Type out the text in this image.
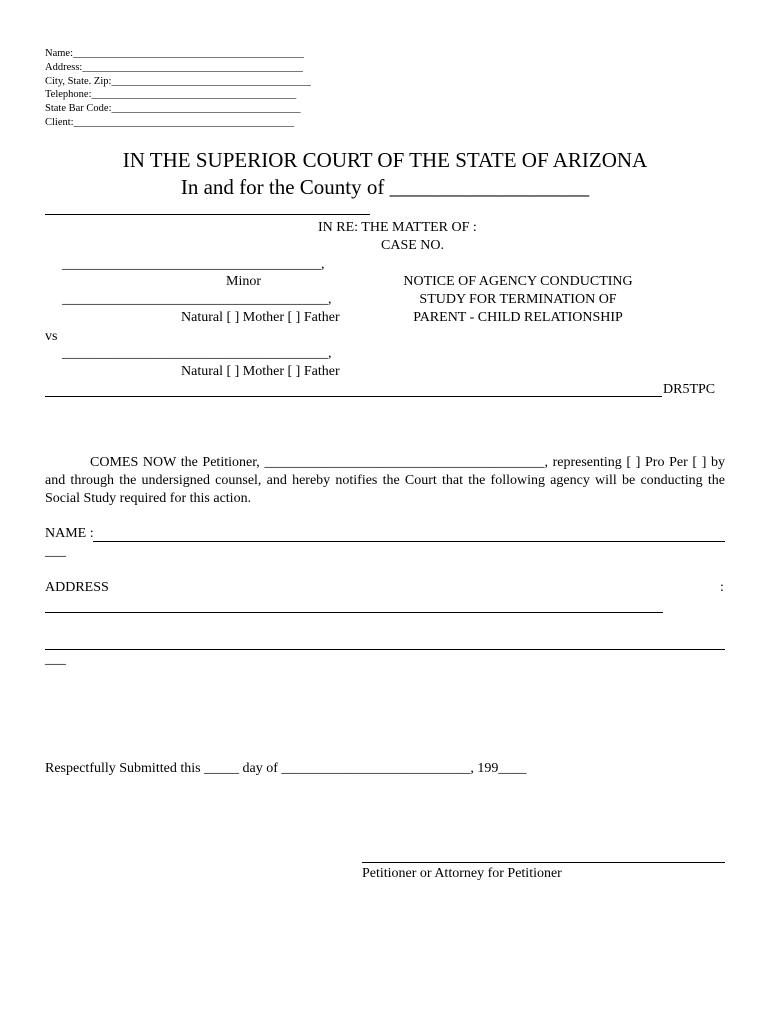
Name:____________________________________________
Address:__________________________________________
City, State. Zip:______________________________________
Telephone:_______________________________________
State Bar Code:____________________________________
Client:__________________________________________
IN THE SUPERIOR COURT OF THE STATE OF ARIZONA
In and for the County of ___________________
IN RE: THE MATTER OF :
CASE NO.
_____________________________________,
Minor	NOTICE OF AGENCY CONDUCTING
STUDY FOR TERMINATION OF
PARENT - CHILD RELATIONSHIP
______________________________________,
Natural [ ] Mother [ ] Father
vs
______________________________________,
Natural [ ] Mother [ ] Father
DR5TPC
COMES NOW the Petitioner, ________________________________________, representing [ ] Pro Per [ ] by and through the undersigned counsel, and hereby notifies the Court that the following agency will be conducting the Social Study required for this action.
NAME :
___
ADDRESS	:
___
Respectfully Submitted this _____ day of ___________________________, 199____
Petitioner or Attorney for Petitioner
